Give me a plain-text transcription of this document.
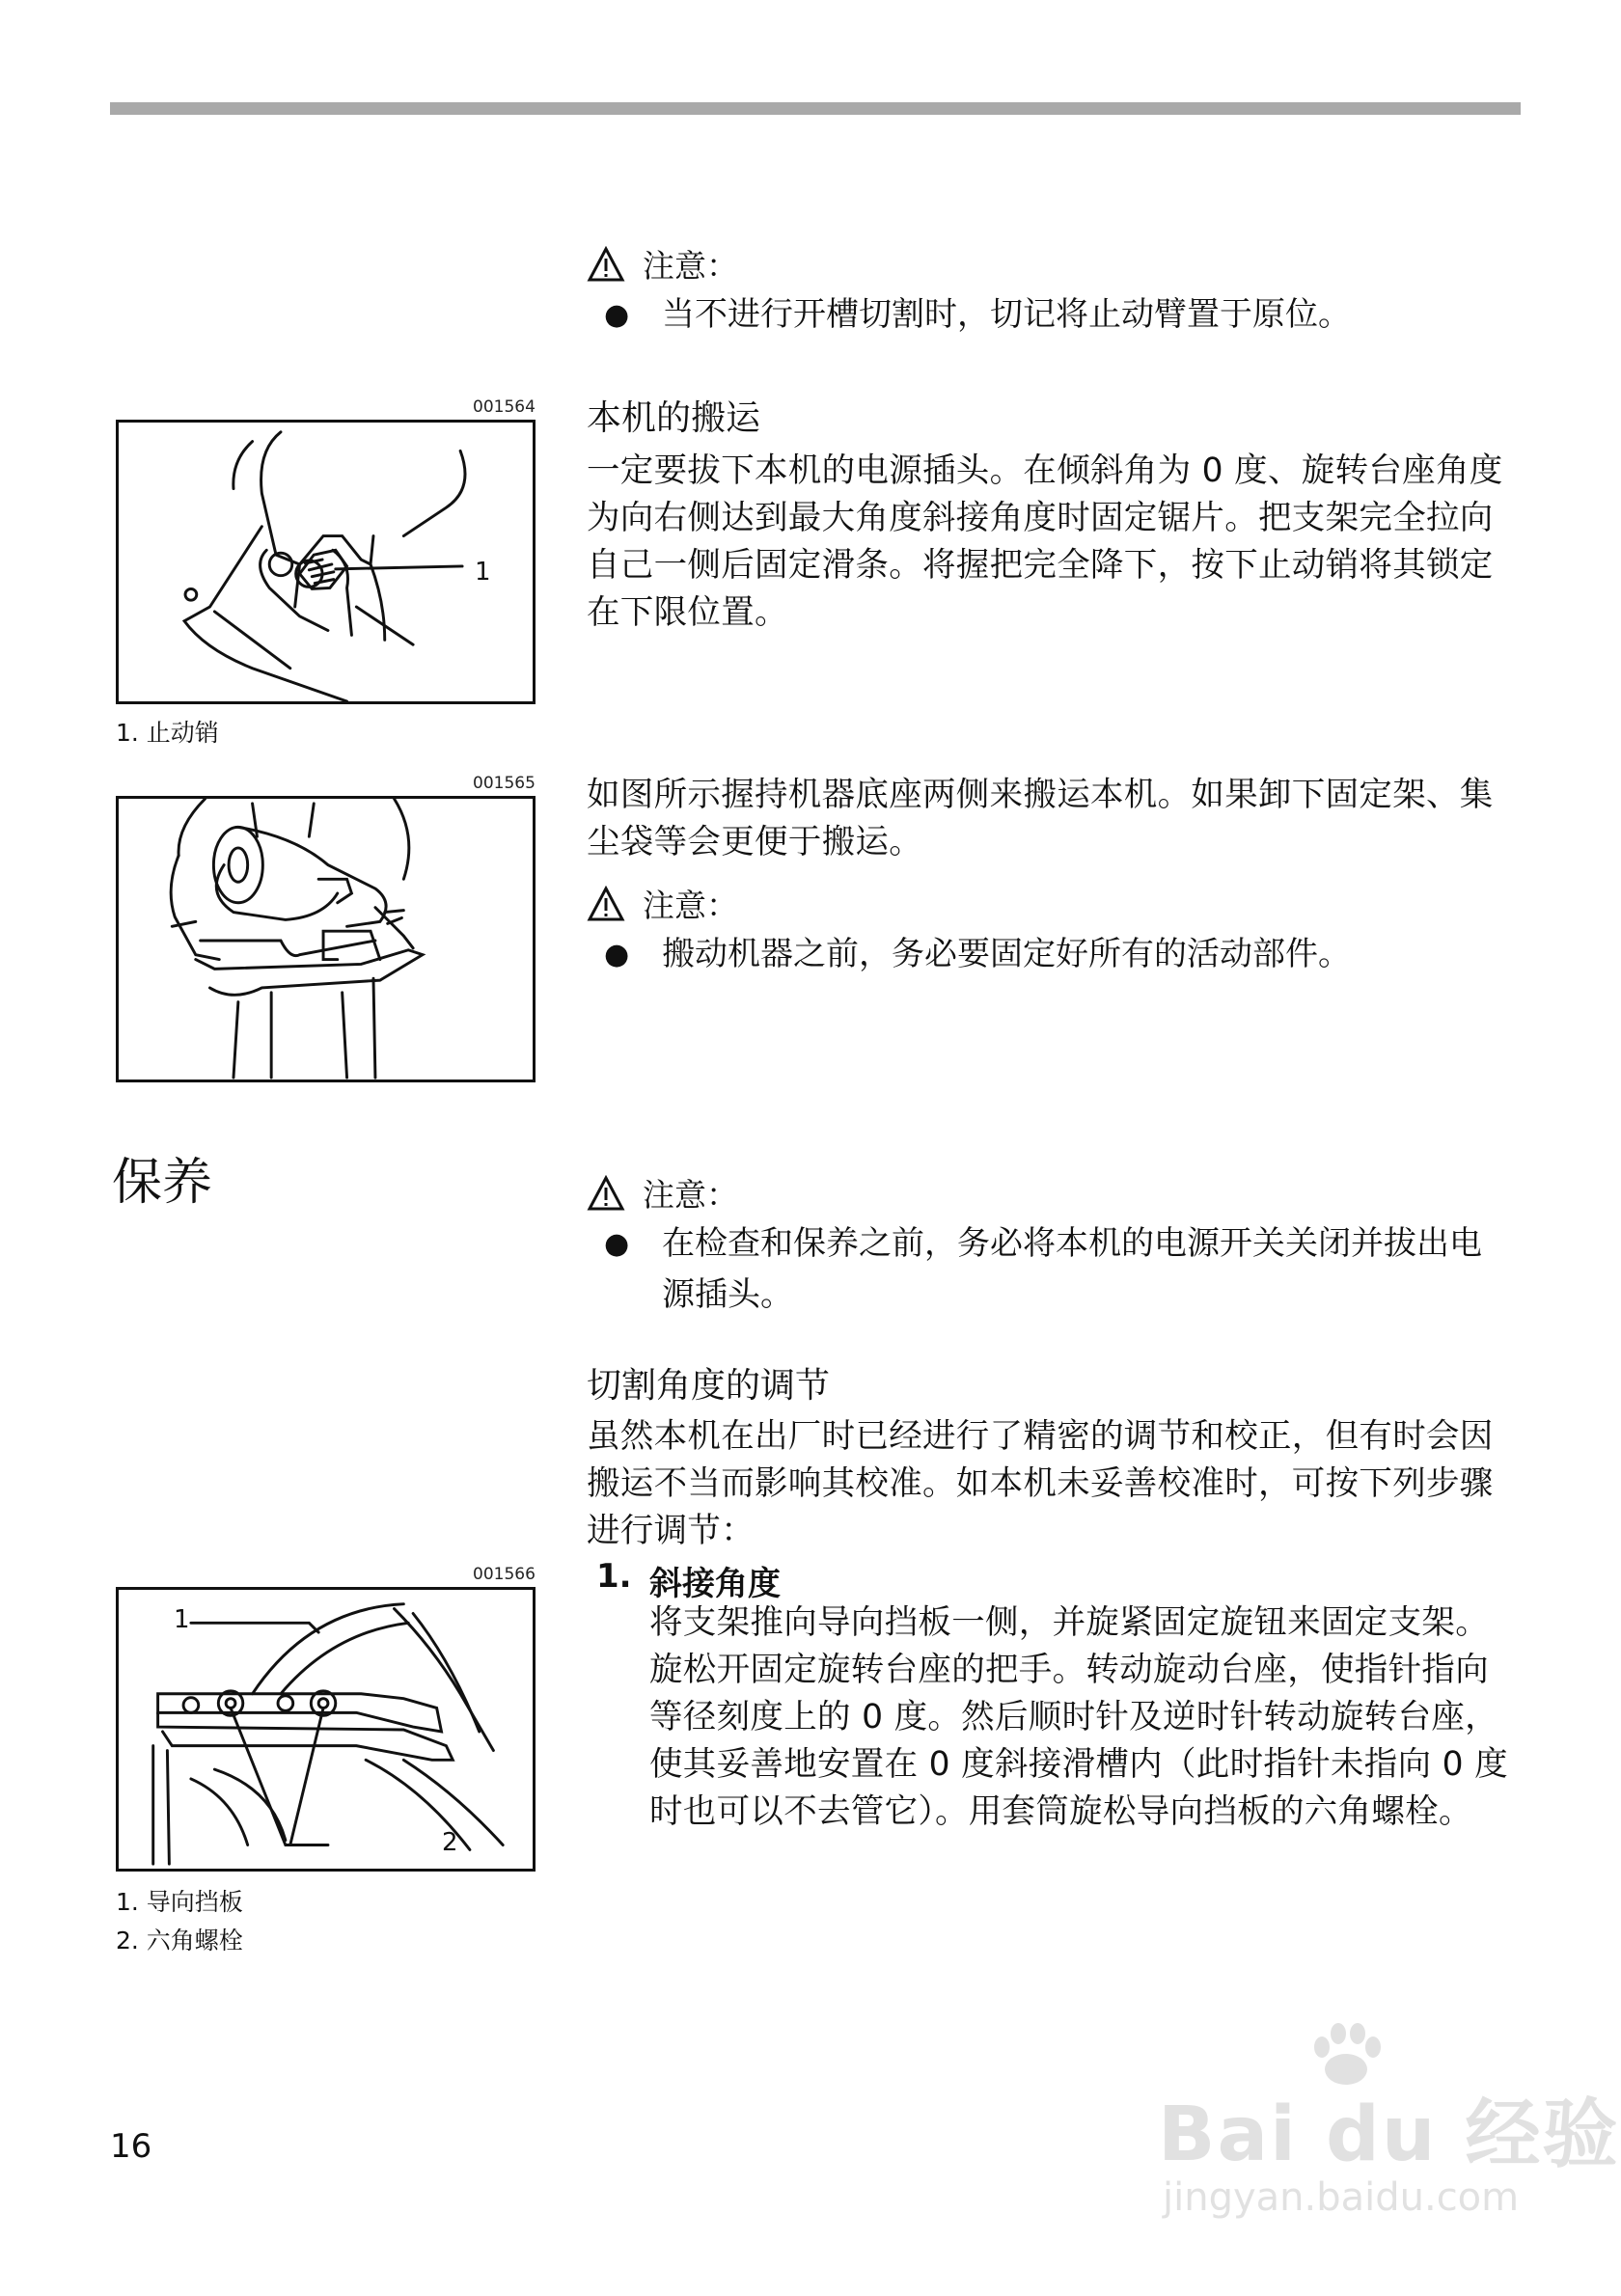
注意：
● 当不进行开槽切割时，切记将止动臂置于原位。
001564
1
1. 止动销
本机的搬运
一定要拔下本机的电源插头。在倾斜角为 0 度、旋转台座角度
为向右侧达到最大角度斜接角度时固定锯片。把支架完全拉向
自己一侧后固定滑条。将握把完全降下，按下止动销将其锁定
在下限位置。
001565 如图所示握持机器底座两侧来搬运本机。如果卸下固定架、集
尘袋等会更便于搬运。
注意：
● 搬动机器之前，务必要固定好所有的活动部件。
保养	注意：
● 在检查和保养之前，务必将本机的电源开关关闭并拔出电
源插头。
切割角度的调节
虽然本机在出厂时已经进行了精密的调节和校正，但有时会因
搬运不当而影响其校准。如本机未妥善校准时，可按下列步骤
进行调节：
1. 斜接角度
将支架推向导向挡板一侧，并旋紧固定旋钮来固定支架。
旋松开固定旋转台座的把手。转动旋动台座，使指针指向
等径刻度上的 0 度。然后顺时针及逆时针转动旋转台座，
使其妥善地安置在 0 度斜接滑槽内（此时指针未指向 0 度
时也可以不去管它）。用套筒旋松导向挡板的六角螺栓。
001566
1
2
1. 导向挡板
2. 六角螺栓
16	Bai du 经验
jingyan.baidu.com
